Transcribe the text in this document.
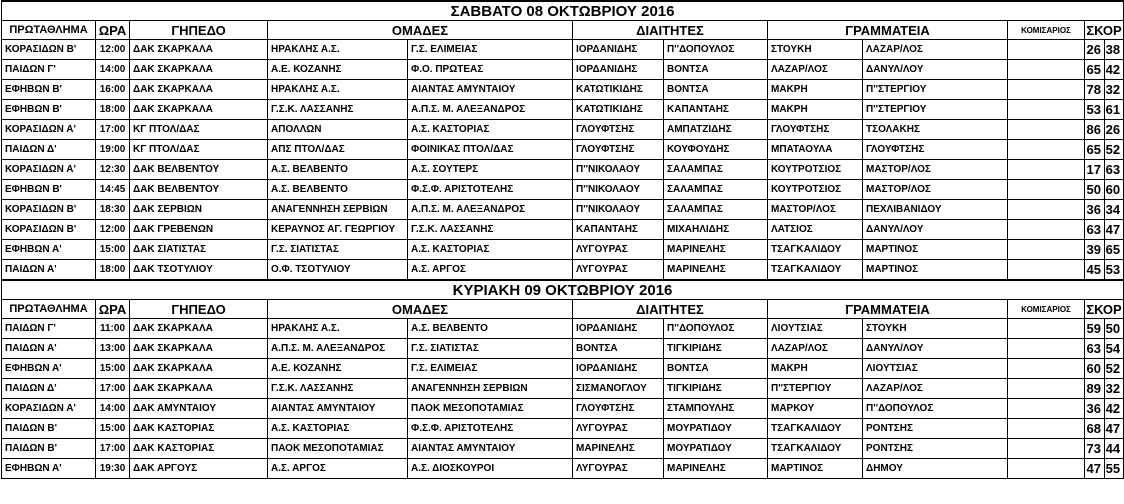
ΣΑΒΒΑΤΟ 08 ΟΚΤΩΒΡΙΟΥ 2016											
ΠΡΩΤΑΘΛΗΜΑ	ΩΡΑ	ΓΗΠΕΔΟ	ΟΜΑΔΕΣ		ΔΙΑΙΤΗΤΕΣ		ΓΡΑΜΜΑΤΕΙΑ		ΚΟΜΙΣΑΡΙΟΣ	ΣΚΟΡ	
ΚΟΡΑΣΙΔΩΝ Β'	12:00	ΔΑΚ ΣΚΑΡΚΑΛΑ	ΗΡΑΚΛΗΣ Α.Σ.	Γ.Σ. ΕΛΙΜΕΙΑΣ	ΙΟΡΔΑΝΙΔΗΣ	Π''ΔΟΠΟΥΛΟΣ	ΣΤΟΥΚΗ	ΛΑΖΑΡ/ΛΟΣ		26	38
ΠΑΙΔΩΝ Γ'	14:00	ΔΑΚ ΣΚΑΡΚΑΛΑ	Α.Ε. ΚΟΖΑΝΗΣ	Φ.Ο. ΠΡΩΤΕΑΣ	ΙΟΡΔΑΝΙΔΗΣ	ΒΟΝΤΣΑ	ΛΑΖΑΡ/ΛΟΣ	ΔΑΝΥΛ/ΛΟΥ		65	42
ΕΦΗΒΩΝ Β'	16:00	ΔΑΚ ΣΚΑΡΚΑΛΑ	ΗΡΑΚΛΗΣ Α.Σ.	ΑΙΑΝΤΑΣ ΑΜΥΝΤΑΙΟΥ	ΚΑΤΩΤΙΚΙΔΗΣ	ΒΟΝΤΣΑ	ΜΑΚΡΗ	Π''ΣΤΕΡΓΙΟΥ		78	32
ΕΦΗΒΩΝ Β'	18:00	ΔΑΚ ΣΚΑΡΚΑΛΑ	Γ.Σ.Κ. ΛΑΣΣΑΝΗΣ	Α.Π.Σ. Μ. ΑΛΕΞΑΝΔΡΟΣ	ΚΑΤΩΤΙΚΙΔΗΣ	ΚΑΠΑΝΤΑΗΣ	ΜΑΚΡΗ	Π''ΣΤΕΡΓΙΟΥ		53	61
ΚΟΡΑΣΙΔΩΝ Α'	17:00	ΚΓ ΠΤΟΛ/ΔΑΣ	ΑΠΟΛΛΩΝ	Α.Σ. ΚΑΣΤΟΡΙΑΣ	ΓΛΟΥΦΤΣΗΣ	ΑΜΠΑΤΖΙΔΗΣ	ΓΛΟΥΦΤΣΗΣ	ΤΣΟΛΑΚΗΣ		86	26
ΠΑΙΔΩΝ Δ'	19:00	ΚΓ ΠΤΟΛ/ΔΑΣ	ΑΠΣ ΠΤΟΛ/ΔΑΣ	ΦΟΙΝΙΚΑΣ ΠΤΟΛ/ΔΑΣ	ΓΛΟΥΦΤΣΗΣ	ΚΟΥΦΟΥΔΗΣ	ΜΠΑΤΑΟΥΛΑ	ΓΛΟΥΦΤΣΗΣ		65	52
ΚΟΡΑΣΙΔΩΝ Α'	12:30	ΔΑΚ ΒΕΛΒΕΝΤΟΥ	Α.Σ. ΒΕΛΒΕΝΤΟ	Α.Σ. ΣΟΥΤΕΡΣ	Π''ΝΙΚΟΛΑΟΥ	ΣΑΛΑΜΠΑΣ	ΚΟΥΤΡΟΤΣΙΟΣ	ΜΑΣΤΟΡ/ΛΟΣ		17	63
ΕΦΗΒΩΝ Β'	14:45	ΔΑΚ ΒΕΛΒΕΝΤΟΥ	Α.Σ. ΒΕΛΒΕΝΤΟ	Φ.Σ.Φ. ΑΡΙΣΤΟΤΕΛΗΣ	Π''ΝΙΚΟΛΑΟΥ	ΣΑΛΑΜΠΑΣ	ΚΟΥΤΡΟΤΣΙΟΣ	ΜΑΣΤΟΡ/ΛΟΣ		50	60
ΚΟΡΑΣΙΔΩΝ Β'	18:30	ΔΑΚ ΣΕΡΒΙΩΝ	ΑΝΑΓΕΝΝΗΣΗ ΣΕΡΒΙΩΝ	Α.Π.Σ. Μ. ΑΛΕΞΑΝΔΡΟΣ	Π''ΝΙΚΟΛΑΟΥ	ΣΑΛΑΜΠΑΣ	ΜΑΣΤΟΡ/ΛΟΣ	ΠΕΧΛΙΒΑΝΙΔΟΥ		36	34
ΚΟΡΑΣΙΔΩΝ Β'	12:00	ΔΑΚ ΓΡΕΒΕΝΩΝ	ΚΕΡΑΥΝΟΣ ΑΓ. ΓΕΩΡΓΙΟΥ	Γ.Σ.Κ. ΛΑΣΣΑΝΗΣ	ΚΑΠΑΝΤΑΗΣ	ΜΙΧΑΗΛΙΔΗΣ	ΛΑΤΣΙΟΣ	ΔΑΝΥΛ/ΛΟΥ		63	47
ΕΦΗΒΩΝ Α'	15:00	ΔΑΚ ΣΙΑΤΙΣΤΑΣ	Γ.Σ. ΣΙΑΤΙΣΤΑΣ	Α.Σ. ΚΑΣΤΟΡΙΑΣ	ΛΥΓΟΥΡΑΣ	ΜΑΡΙΝΕΛΗΣ	ΤΣΑΓΚΑΛΙΔΟΥ	ΜΑΡΤΙΝΟΣ		39	65
ΠΑΙΔΩΝ Α'	18:00	ΔΑΚ ΤΣΟΤΥΛΙΟΥ	Ο.Φ. ΤΣΟΤΥΛΙΟΥ	Α.Σ. ΑΡΓΟΣ	ΛΥΓΟΥΡΑΣ	ΜΑΡΙΝΕΛΗΣ	ΤΣΑΓΚΑΛΙΔΟΥ	ΜΑΡΤΙΝΟΣ		45	53
ΚΥΡΙΑΚΗ 09 ΟΚΤΩΒΡΙΟΥ 2016											
ΠΡΩΤΑΘΛΗΜΑ	ΩΡΑ	ΓΗΠΕΔΟ	ΟΜΑΔΕΣ		ΔΙΑΙΤΗΤΕΣ		ΓΡΑΜΜΑΤΕΙΑ		ΚΟΜΙΣΑΡΙΟΣ	ΣΚΟΡ	
ΠΑΙΔΩΝ Γ'	11:00	ΔΑΚ ΣΚΑΡΚΑΛΑ	ΗΡΑΚΛΗΣ Α.Σ.	Α.Σ. ΒΕΛΒΕΝΤΟ	ΙΟΡΔΑΝΙΔΗΣ	Π''ΔΟΠΟΥΛΟΣ	ΛΙΟΥΤΣΙΑΣ	ΣΤΟΥΚΗ		59	50
ΠΑΙΔΩΝ Α'	13:00	ΔΑΚ ΣΚΑΡΚΑΛΑ	Α.Π.Σ. Μ. ΑΛΕΞΑΝΔΡΟΣ	Γ.Σ. ΣΙΑΤΙΣΤΑΣ	ΒΟΝΤΣΑ	ΤΙΓΚΙΡΙΔΗΣ	ΛΑΖΑΡ/ΛΟΣ	ΔΑΝΥΛ/ΛΟΥ		63	54
ΕΦΗΒΩΝ Α'	15:00	ΔΑΚ ΣΚΑΡΚΑΛΑ	Α.Ε. ΚΟΖΑΝΗΣ	Γ.Σ. ΕΛΙΜΕΙΑΣ	ΙΟΡΔΑΝΙΔΗΣ	ΒΟΝΤΣΑ	ΜΑΚΡΗ	ΛΙΟΥΤΣΙΑΣ		60	52
ΠΑΙΔΩΝ Δ'	17:00	ΔΑΚ ΣΚΑΡΚΑΛΑ	Γ.Σ.Κ. ΛΑΣΣΑΝΗΣ	ΑΝΑΓΕΝΝΗΣΗ ΣΕΡΒΙΩΝ	ΣΙΣΜΑΝΟΓΛΟΥ	ΤΙΓΚΙΡΙΔΗΣ	Π''ΣΤΕΡΓΙΟΥ	ΛΑΖΑΡ/ΛΟΣ		89	32
ΚΟΡΑΣΙΔΩΝ Α'	14:00	ΔΑΚ ΑΜΥΝΤΑΙΟΥ	ΑΙΑΝΤΑΣ ΑΜΥΝΤΑΙΟΥ	ΠΑΟΚ ΜΕΣΟΠΟΤΑΜΙΑΣ	ΓΛΟΥΦΤΣΗΣ	ΣΤΑΜΠΟΥΛΗΣ	ΜΑΡΚΟΥ	Π''ΔΟΠΟΥΛΟΣ		36	42
ΠΑΙΔΩΝ Β'	15:00	ΔΑΚ ΚΑΣΤΟΡΙΑΣ	Α.Σ. ΚΑΣΤΟΡΙΑΣ	Φ.Σ.Φ. ΑΡΙΣΤΟΤΕΛΗΣ	ΛΥΓΟΥΡΑΣ	ΜΟΥΡΑΤΙΔΟΥ	ΤΣΑΓΚΑΛΙΔΟΥ	ΡΟΝΤΣΗΣ		68	47
ΠΑΙΔΩΝ Β'	17:00	ΔΑΚ ΚΑΣΤΟΡΙΑΣ	ΠΑΟΚ ΜΕΣΟΠΟΤΑΜΙΑΣ	ΑΙΑΝΤΑΣ ΑΜΥΝΤΑΙΟΥ	ΜΑΡΙΝΕΛΗΣ	ΜΟΥΡΑΤΙΔΟΥ	ΤΣΑΓΚΑΛΙΔΟΥ	ΡΟΝΤΣΗΣ		73	44
ΕΦΗΒΩΝ Α'	19:30	ΔΑΚ ΑΡΓΟΥΣ	Α.Σ. ΑΡΓΟΣ	Α.Σ. ΔΙΟΣΚΟΥΡΟΙ	ΛΥΓΟΥΡΑΣ	ΜΑΡΙΝΕΛΗΣ	ΜΑΡΤΙΝΟΣ	ΔΗΜΟΥ		47	55
